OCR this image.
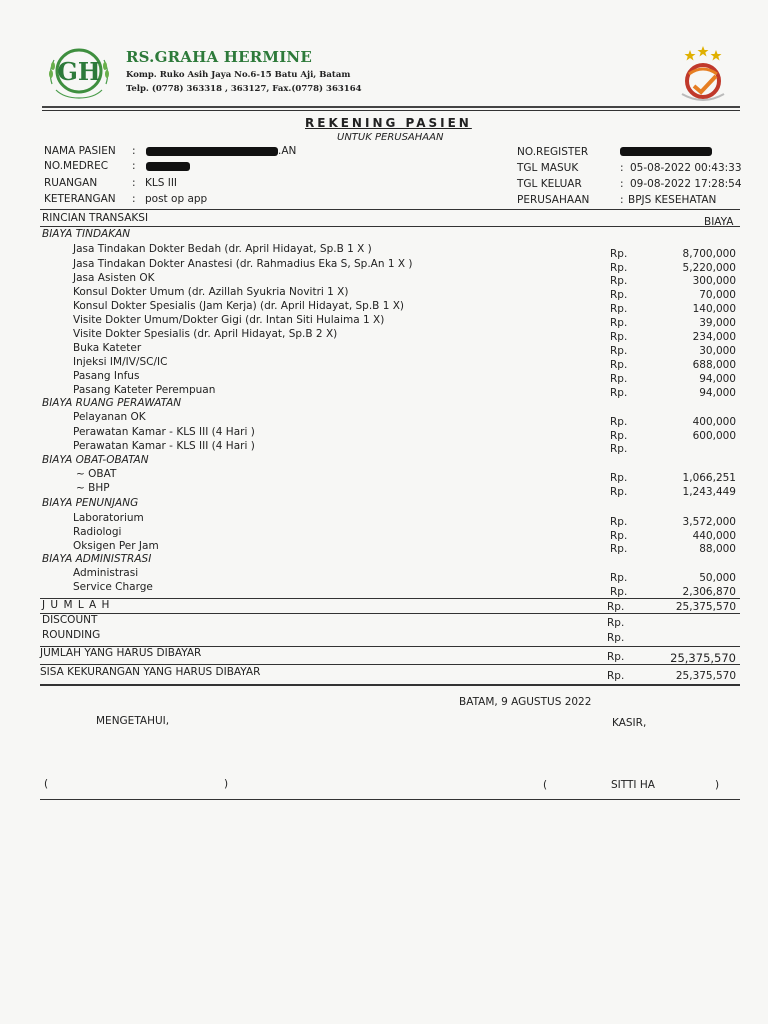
GH RS.GRAHA HERMINE
Komp. Ruko Asih Jaya No.6-15 Batu Aji, Batam
Telp. (0778) 363318 , 363127, Fax.(0778) 363164
REKENING PASIEN
UNTUK PERUSAHAAN
NAMA PASIEN :	.AN
NO.MEDREC :
RUANGAN	: KLS III
KETERANGAN : post op app
NO.REGISTER
TGL MASUK	: 05-08-2022 00:43:33
TGL KELUAR	: 09-08-2022 17:28:54
PERUSAHAAN	: BPJS KESEHATAN
RINCIAN TRANSAKSI	BIAYA
BIAYA TINDAKAN
Jasa Tindakan Dokter Bedah (dr. April Hidayat, Sp.B 1 X )	Rp.	8,700,000
Jasa Tindakan Dokter Anastesi (dr. Rahmadius Eka S, Sp.An 1 X )	Rp.	5,220,000
Jasa Asisten OK	Rp.	300,000
Konsul Dokter Umum (dr. Azillah Syukria Novitri 1 X)	Rp.	70,000
Konsul Dokter Spesialis (Jam Kerja) (dr. April Hidayat, Sp.B 1 X)	Rp.	140,000
Visite Dokter Umum/Dokter Gigi (dr. Intan Siti Hulaima 1 X)	Rp.	39,000
Visite Dokter Spesialis (dr. April Hidayat, Sp.B 2 X)	Rp.	234,000
Buka Kateter	Rp.	30,000
Injeksi IM/IV/SC/IC	Rp.	688,000
Pasang Infus	Rp.	94,000
Pasang Kateter Perempuan	Rp.	94,000
BIAYA RUANG PERAWATAN
Pelayanan OK	Rp.	400,000
Perawatan Kamar - KLS III (4 Hari )	Rp.	600,000
Perawatan Kamar - KLS III (4 Hari )	Rp.
BIAYA OBAT-OBATAN
~ OBAT	Rp.	1,066,251
~ BHP	Rp.	1,243,449
BIAYA PENUNJANG
Laboratorium	Rp.	3,572,000
Radiologi	Rp.	440,000
Oksigen Per Jam	Rp.	88,000
BIAYA ADMINISTRASI
Administrasi	Rp.	50,000
Service Charge	Rp.	2,306,870
J U M L A H	Rp.	25,375,570
DISCOUNT	Rp.
ROUNDING	Rp.
JUMLAH YANG HARUS DIBAYAR	Rp.	25,375,570
SISA KEKURANGAN YANG HARUS DIBAYAR	Rp.	25,375,570
BATAM, 9 AGUSTUS 2022
MENGETAHUI,	KASIR,
(	)	(	SITTI HA	)
